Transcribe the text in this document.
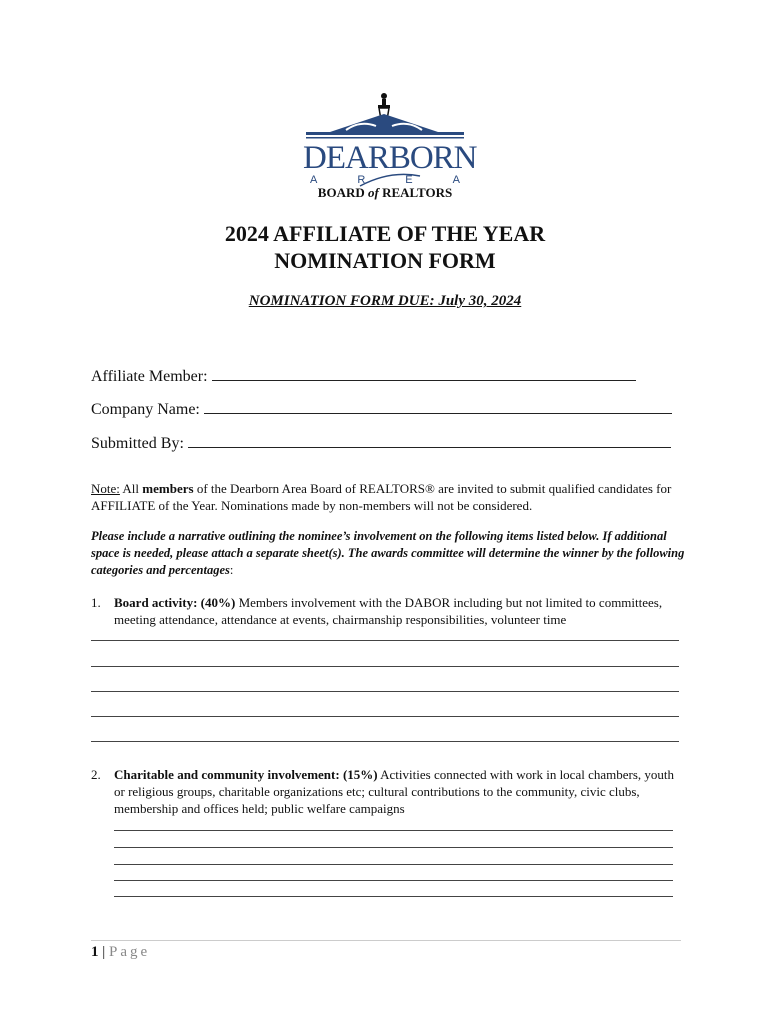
DEARBORN
A	R	E	A
BOARD of REALTORS
2024 AFFILIATE OF THE YEAR
NOMINATION FORM
NOMINATION FORM DUE: July 30, 2024
Affiliate Member:
Company Name:
Submitted By:
Note: All members of the Dearborn Area Board of REALTORS® are invited to submit qualified candidates for AFFILIATE of the Year. Nominations made by non-members will not be considered.
Please include a narrative outlining the nominee’s involvement on the following items listed below. If additional space is needed, please attach a separate sheet(s). The awards committee will determine the winner by the following categories and percentages:
1. Board activity: (40%) Members involvement with the DABOR including but not limited to committees, meeting attendance, attendance at events, chairmanship responsibilities, volunteer time
2. Charitable and community involvement: (15%) Activities connected with work in local chambers, youth or religious groups, charitable organizations etc; cultural contributions to the community, civic clubs, membership and offices held; public welfare campaigns
1 | Page
